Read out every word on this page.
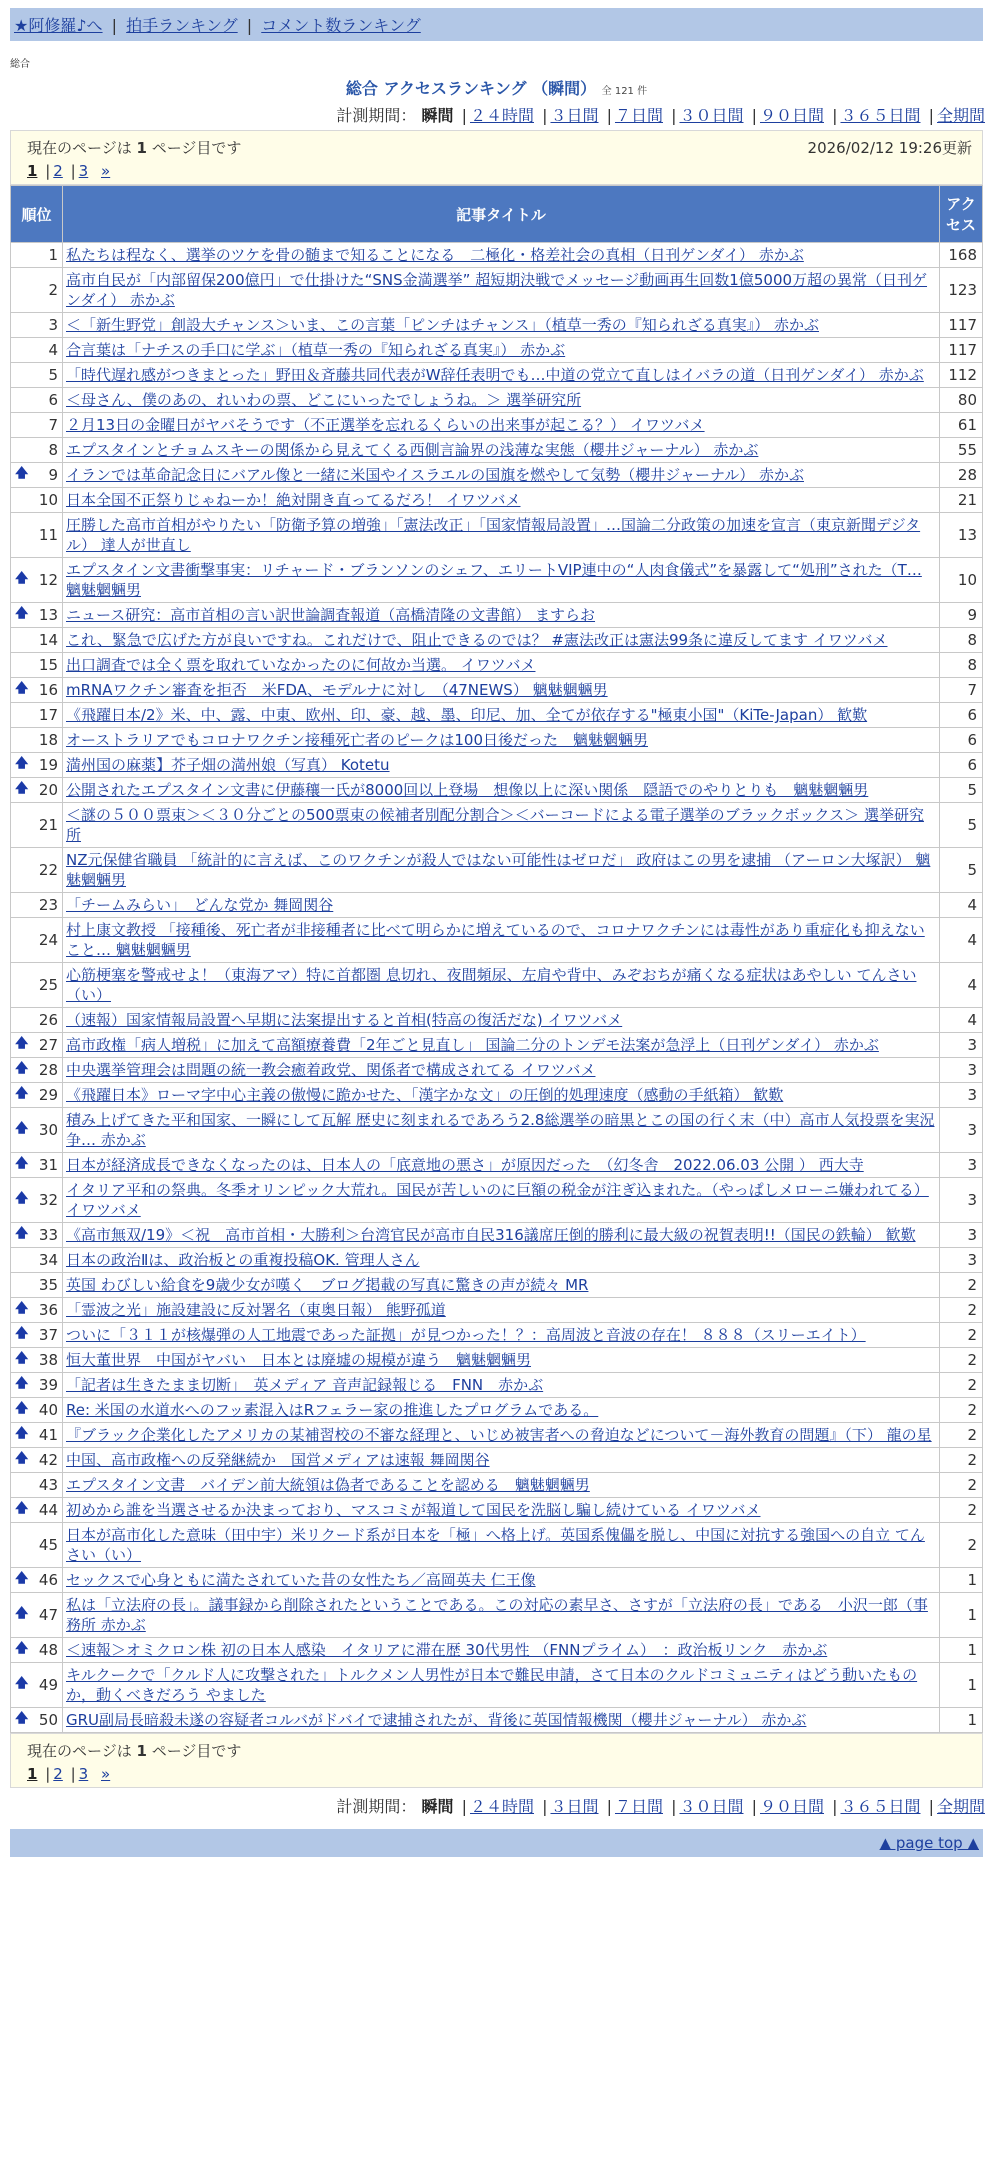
★阿修羅♪へ | 拍手ランキング | コメント数ランキング
総合
総合 アクセスランキング （瞬間） 全 121 件
計測期間： 瞬間 | ２４時間 | ３日間 | ７日間 | ３０日間 | ９０日間 | ３６５日間 | 全期間
現在のページは 1 ページ目です	2026/02/12 19:26更新
1 | 2 | 3 »
順位	記事タイトル	アクセス
1	私たちは程なく、選挙のツケを骨の髄まで知ることになる　二極化・格差社会の真相（日刊ゲンダイ） 赤かぶ	168
2	高市自民が「内部留保200億円」で仕掛けた“SNS金満選挙” 超短期決戦でメッセージ動画再生回数1億5000万超の異常（日刊ゲンダイ） 赤かぶ	123
3	＜「新生野党」創設大チャンス＞いま、この言葉「ピンチはチャンス」（植草一秀の『知られざる真実』） 赤かぶ	117
4	合言葉は「ナチスの手口に学ぶ」（植草一秀の『知られざる真実』） 赤かぶ	117
5	「時代遅れ感がつきまとった」野田＆斉藤共同代表がW辞任表明でも…中道の党立て直しはイバラの道（日刊ゲンダイ） 赤かぶ	112
6	＜母さん、僕のあの、れいわの票、どこにいったでしょうね。＞ 選挙研究所	80
7	２月13日の金曜日がヤバそうです（不正選挙を忘れるくらいの出来事が起こる？） イワツバメ	61
8	エプスタインとチョムスキーの関係から見えてくる西側言論界の浅薄な実態（櫻井ジャーナル） 赤かぶ	55

🡅 9	イランでは革命記念日にバアル像と一緒に米国やイスラエルの国旗を燃やして気勢（櫻井ジャーナル） 赤かぶ	28
10	日本全国不正祭りじゃねーか！絶対開き直ってるだろ！ イワツバメ	21
11	圧勝した高市首相がやりたい「防衛予算の増強」「憲法改正」「国家情報局設置」…国論二分政策の加速を宣言（東京新聞デジタル） 達人が世直し	13

🡅 12	エプスタイン文書衝撃事実：リチャード・ブランソンのシェフ、エリートVIP連中の“人肉食儀式”を暴露して“処刑”された（T… 魑魅魍魎男	10

🡅 13	ニュース研究：高市首相の言い訳世論調査報道（高橋清隆の文書館） ますらお	9
14	これ、緊急で広げた方が良いですね。これだけで、阻止できるのでは？ #憲法改正は憲法99条に違反してます イワツバメ	8
15	出口調査では全く票を取れていなかったのに何故か当選。 イワツバメ	8

🡅 16	mRNAワクチン審査を拒否　米FDA、モデルナに対し　（47NEWS） 魑魅魍魎男	7
17	《飛躍日本/2》米、中、露、中東、欧州、印、豪、越、墨、印尼、加、全てが依存する"極東小国"（KiTe-Japan） 歓歎	6
18	オーストラリアでもコロナワクチン接種死亡者のピークは100日後だった　魑魅魍魎男	6

🡅 19	満州国の麻薬】芥子畑の満州娘（写真） Kotetu	6

🡅 20	公開されたエプスタイン文書に伊藤穰一氏が8000回以上登場　想像以上に深い関係　隠語でのやりとりも　魑魅魍魎男	5
21	＜謎の５００票束＞＜３０分ごとの500票束の候補者別配分割合＞＜バーコードによる電子選挙のブラックボックス＞ 選挙研究所	5
22	NZ元保健省職員 「統計的に言えば、このワクチンが殺人ではない可能性はゼロだ」 政府はこの男を逮捕 （アーロン大塚訳） 魑魅魍魎男	5
23	「チームみらい」　どんな党か 舞岡関谷	4
24	村上康文教授 「接種後、死亡者が非接種者に比べて明らかに増えているので、コロナワクチンには毒性があり重症化も抑えないこと… 魑魅魍魎男	4
25	心筋梗塞を警戒せよ！（東海アマ）特に首都圏 息切れ、夜間頻尿、左肩や背中、みぞおちが痛くなる症状はあやしい てんさい（い）	4
26	（速報）国家情報局設置へ早期に法案提出すると首相(特高の復活だな) イワツバメ	4

🡅 27	高市政権「病人増税」に加えて高額療養費「2年ごと見直し」 国論二分のトンデモ法案が急浮上（日刊ゲンダイ） 赤かぶ	3

🡅 28	中央選挙管理会は問題の統一教会癒着政党、関係者で構成されてる イワツバメ	3

🡅 29	《飛躍日本》ローマ字中心主義の傲慢に跪かせた、「漢字かな文」の圧倒的処理速度（感動の手紙箱） 歓歎	3

🡅 30	積み上げてきた平和国家、一瞬にして瓦解 歴史に刻まれるであろう2.8総選挙の暗黒とこの国の行く末（中）高市人気投票を実況争… 赤かぶ	3

🡅 31	日本が経済成長できなくなったのは、日本人の「底意地の悪さ」が原因だった　（幻冬舎　2022.06.03 公開 ） 西大寺	3

🡅 32	イタリア平和の祭典。冬季オリンピック大荒れ。国民が苦しいのに巨額の税金が注ぎ込まれた。（やっぱしメローニ嫌われてる） イワツバメ	3

🡅 33	《高市無双/19》＜祝　高市首相・大勝利＞台湾官民が高市自民316議席圧倒的勝利に最大級の祝賀表明!!（国民の鉄輪） 歓歎	3
34	日本の政治Ⅱは、政治板との重複投稿OK. 管理人さん	3
35	英国 わびしい給食を9歳少女が嘆く　ブログ掲載の写真に驚きの声が続々 MR	2

🡅 36	「霊波之光」施設建設に反対署名（東奥日報） 熊野孤道	2

🡅 37	ついに「３１１が核爆弾の人工地震であった証拠」が見つかった！？：高周波と音波の存在！ ８８８（スリーエイト）	2

🡅 38	恒大董世界　中国がヤバい　日本とは廃墟の規模が違う　魑魅魍魎男	2

🡅 39	「記者は生きたまま切断」　英メディア 音声記録報じる　FNN　赤かぶ	2

🡅 40	Re: 米国の水道水へのフッ素混入はRフェラー家の推進したプログラムである。	2

🡅 41	『ブラック企業化したアメリカの某補習校の不審な経理と、いじめ被害者への脅迫などについて－海外教育の問題』（下） 龍の星	2

🡅 42	中国、高市政権への反発継続か　国営メディアは速報 舞岡関谷	2
43	エプスタイン文書　バイデン前大統領は偽者であることを認める　魑魅魍魎男	2

🡅 44	初めから誰を当選させるか決まっており、マスコミが報道して国民を洗脳し騙し続けている イワツバメ	2
45	日本が高市化した意味（田中宇）米リクード系が日本を「極」へ格上げ。英国系傀儡を脱し、中国に対抗する強国への自立 てんさい（い）	2

🡅 46	セックスで心身ともに満たされていた昔の女性たち／高岡英夫 仁王像	1

🡅 47	私は「立法府の長」。議事録から削除されたということである。この対応の素早さ、さすが「立法府の長」である　小沢一郎（事務所 赤かぶ	1

🡅 48	＜速報＞オミクロン株 初の日本人感染　イタリアに滞在歴 30代男性 （FNNプライム）　：政治板リンク　赤かぶ	1

🡅 49	キルクークで「クルド人に攻撃された」トルクメン人男性が日本で難民申請，さて日本のクルドコミュニティはどう動いたものか，動くべきだろう やました	1

🡅 50	GRU副局長暗殺未遂の容疑者コルバがドバイで逮捕されたが、背後に英国情報機関（櫻井ジャーナル） 赤かぶ	1
現在のページは 1 ページ目です
1 | 2 | 3 »
計測期間： 瞬間 | ２４時間 | ３日間 | ７日間 | ３０日間 | ９０日間 | ３６５日間 | 全期間
▲ page top ▲
